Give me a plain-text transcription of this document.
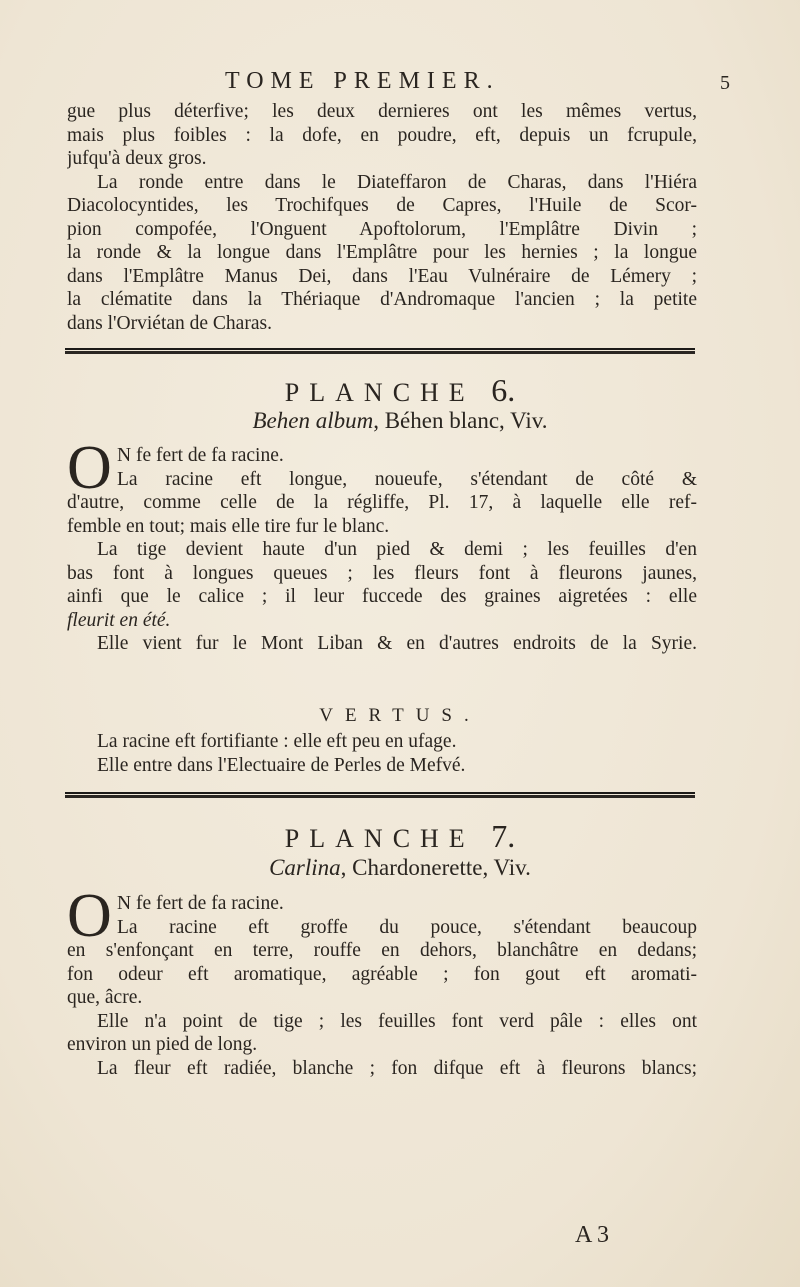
TOME PREMIER.	5
gue plus déterfive; les deux dernieres ont les mêmes vertus,
mais plus foibles : la dofe, en poudre, eft, depuis un fcrupule,
jufqu'à deux gros.
La ronde entre dans le Diateffaron de Charas, dans l'Hiéra
Diacolocyntides, les Trochifques de Capres, l'Huile de Scor-
pion compofée, l'Onguent Apoftolorum, l'Emplâtre Divin ;
la ronde & la longue dans l'Emplâtre pour les hernies ; la longue
dans l'Emplâtre Manus Dei, dans l'Eau Vulnéraire de Lémery ;
la clématite dans la Thériaque d'Andromaque l'ancien ; la petite
dans l'Orviétan de Charas.
PLANCHE 6.
Behen album, Béhen blanc, Viv.
O N fe fert de fa racine.
La racine eft longue, noueufe, s'étendant de côté &
d'autre, comme celle de la régliffe, Pl. 17, à laquelle elle ref-
femble en tout; mais elle tire fur le blanc.
La tige devient haute d'un pied & demi ; les feuilles d'en
bas font à longues queues ; les fleurs font à fleurons jaunes,
ainfi que le calice ; il leur fuccede des graines aigretées : elle
fleurit en été.
Elle vient fur le Mont Liban & en d'autres endroits de la Syrie.
VERTUS.
La racine eft fortifiante : elle eft peu en ufage.
Elle entre dans l'Electuaire de Perles de Mefvé.
PLANCHE 7.
Carlina, Chardonerette, Viv.
O N fe fert de fa racine.
La racine eft groffe du pouce, s'étendant beaucoup
en s'enfonçant en terre, rouffe en dehors, blanchâtre en dedans;
fon odeur eft aromatique, agréable ; fon gout eft aromati-
que, âcre.
Elle n'a point de tige ; les feuilles font verd pâle : elles ont
environ un pied de long.
La fleur eft radiée, blanche ; fon difque eft à fleurons blancs;
A 3
